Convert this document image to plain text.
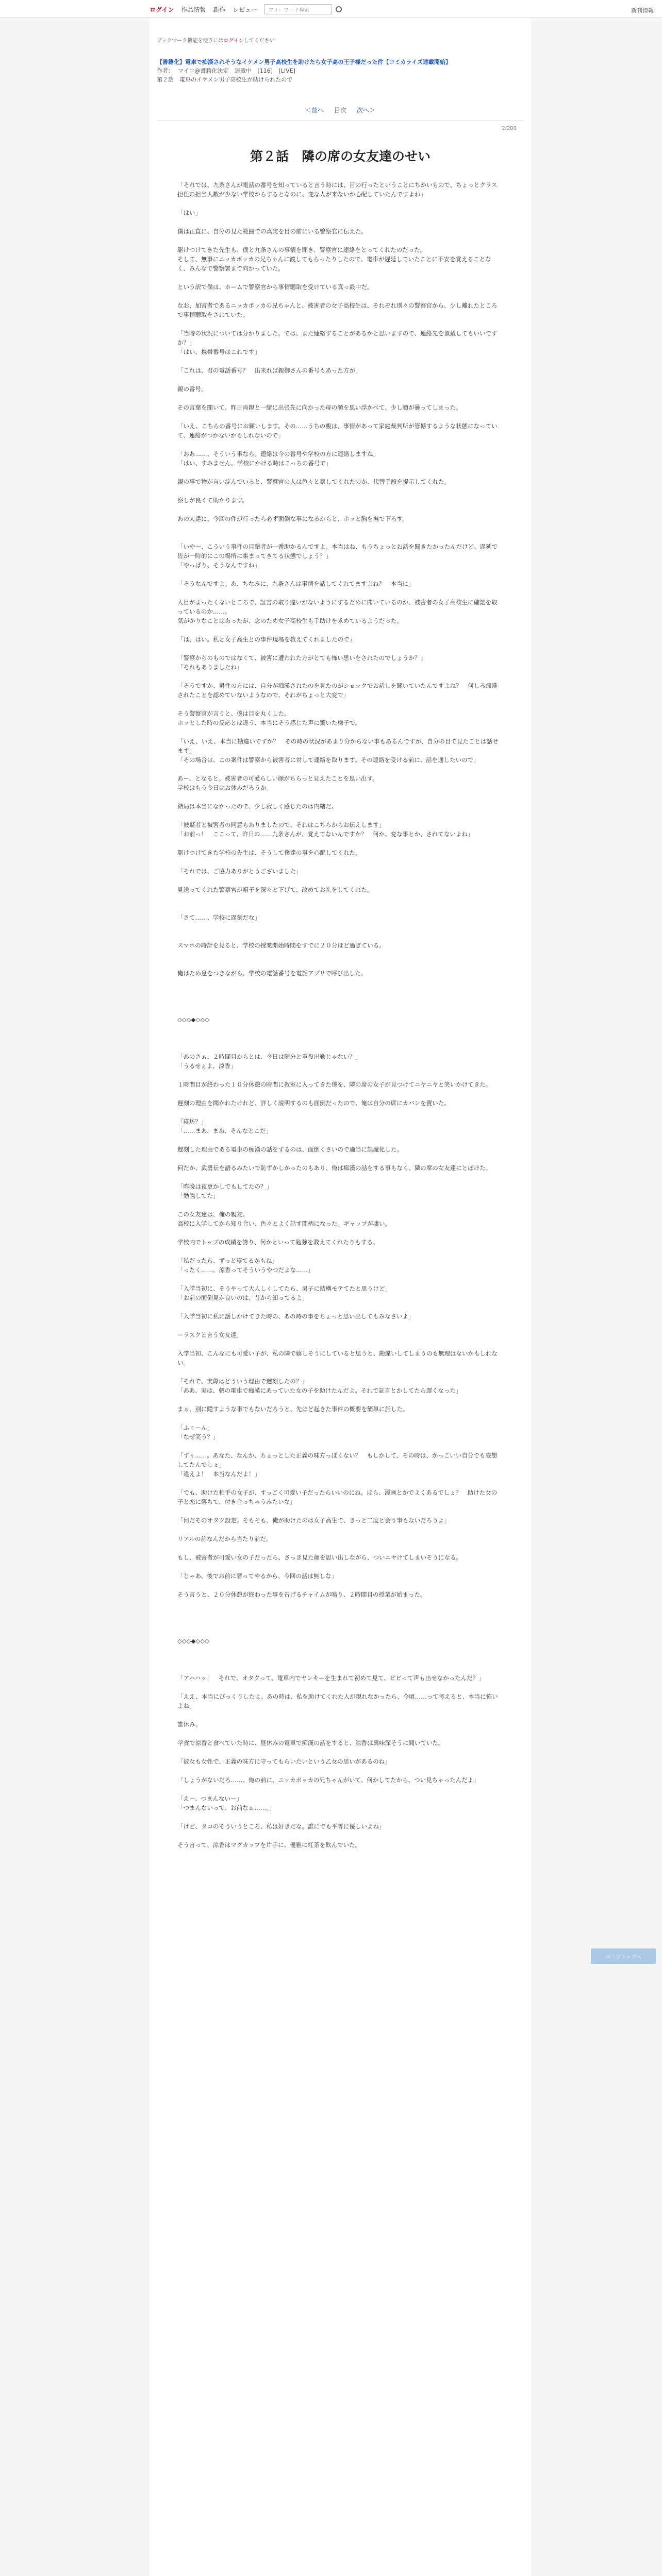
ログイン 作品情報 新作 レビュー	フリーワード検索	新刊情報
ブックマーク機能を使うにはログインしてください
【書籍化】電車で痴漢されそうなイケメン男子高校生を助けたら女子高の王子様だった件【コミカライズ連載開始】
作者： マイコ@書籍化決定 連載中 [116] [LIVE]
第２話　電車のイケメン男子高校生が助けられたので
＜前へ 目次 次へ＞
2/200
第２話　隣の席の女友達のせい

「それでは、九条さんが電話の番号を知っていると言う時には、目の行ったということにちかいもので、ちょっとクラス担任の担当人数が少ない学校からするとなのに、変な人が来ないか心配していたんですよね」

「はい」

僕は正直に、自分の見た範囲での真実を目の前にいる警察官に伝えた。

駆けつけてきた先生も、僕と九条さんの事情を聞き、警察官に連絡をとってくれたのだった。

そして、無事にニッカボッカの兄ちゃんに渡してもらったりしたので、電車が遅延していたことに不安を覚えることなく、みんなで警察署まで向かっていた。

という訳で僕は、ホームで警察官から事情聴取を受けている真っ最中だ。

なお、加害者であるニッカボッカの兄ちゃんと、被害者の女子高校生は、それぞれ別々の警察官から、少し離れたところで事情聴取をされていた。

「当時の状況については分かりました。では、また連絡することがあるかと思いますので、連絡先を頂戴してもいいですか？」

「はい、携帯番号はこれです」

「これは、君の電話番号？　出来れば親御さんの番号もあった方が」

親の番号。

その言葉を聞いて、昨日両親と一緒に出張先に向かった母の顔を思い浮かべて、少し顔が曇ってしまった。

「いえ、こちらの番号にお願いします。その……うちの親は、事情があって家庭裁判所が管轄するような状態になっていて、連絡がつかないかもしれないので」

「ああ……、そういう事なら。連絡は今の番号や学校の方に連絡しますね」

「はい、すみません。学校にかける時はこっちの番号で」

親の事で物が言い淀んでいると、警察官の人は色々と察してくれたのか、代替手段を提示してくれた。

察しが良くて助かります。

あの人達に、今回の件が行ったら必ず面倒な事になるからと、ホッと胸を撫で下ろす。

「いや一、こういう事件の目撃者が一番助かるんですよ。本当はね、もうちょっとお話を聞きたかったんだけど、遅延で皆が一時的にこの場所に集まってきてる状態でしょう？」

「やっぱり、そうなんですね」

「そうなんですよ。あ、ちなみに、九条さんは事情を話してくれてますよね？　本当に」

人目がまったくないところで、証言の取り違いがないようにするために聞いているのか、被害者の女子高校生に確認を取っているのか……。

気がかりなことはあったが、念のため女子高校生も手助けを求めているようだった。

「は、はい。私と女子高生との事件現場を教えてくれましたので」

「警察からのものではなくて、被害に遭われた方がとても怖い思いをされたのでしょうか？」

「それもありましたね」

「そうですか、男性の方には、自分が痴漢されたのを見たのがショックでお話しを聞いていたんですよね？　何しろ痴漢されたことを認めていないようなので、それがちょっと大変で」

そう警察官が言うと、僕は目を丸くした。

ホッとした時の反応とは違う、本当にそう感じた声に驚いた様子で。

「いえ、いえ、本当に勘違いですか？　その時の状況があまり分からない事もあるんですが、自分の目で見たことは話せます」

「その場合は、この案件は警察から被害者に対して連絡を取ります。その連絡を受ける前に、話を通したいので」

あー、となると。被害者の可愛らしい顔がちらっと見えたことを思い出す。

学校はもう今日はお休みだろうか。

結局は本当になかったので、少し寂しく感じたのは内緒だ。

「被疑者と被害者の同意もありましたので、それはこちらからお伝えします」

「お前っ！　ここって、昨日の……九条さんが、覚えてないんですか？　何か、変な事とか、されてないよね」

駆けつけてきた学校の先生は、そうして僕達の事を心配してくれた。

「それでは、ご協力ありがとうございました」

見送ってくれた警察官が帽子を深々と下げて、改めてお礼をしてくれた。

「さて……、学校に遅刻だな」

スマホの時計を見ると、学校の授業開始時間をすでに２０分ほど過ぎている。

俺はため息をつきながら、学校の電話番号を電話アプリで呼び出した。

◇◇◇◆◇◇◇

「あのさぁ、２時間目からとは、今日は随分と重役出勤じゃない？」

「うるせぇよ、涼香」

１時間目が終わった１０分休憩の時間に教室に入ってきた僕を、隣の席の女子が見つけてニヤニヤと笑いかけてきた。

遅刻の理由を聞かれたけれど、詳しく説明するのも面倒だったので、俺は自分の席にカバンを置いた。

「寝坊？」

「……まあ、まあ、そんなとこだ」

遅刻した理由である電車の痴漢の話をするのは、面倒くさいので適当に誤魔化した。

何だか、武勇伝を語るみたいで恥ずかしかったのもあり、俺は痴漢の話をする事もなく、隣の席の女友達にとぼけた。

「昨晩は夜更かしでもしてたの？」

「勉強してた」

この女友達は、俺の親友。

高校に入学してから知り合い、色々とよく話す間柄になった。ギャップが凄い。

学校内でトップの成績を誇り、何かといって勉強を教えてくれたりもする。

「私だったら、ずっと寝てるかもね」

「ったく……。涼香ってそういうやつだよな……」

「入学当初に、そうやって大人しくしてたら、男子に結構モテてたと思うけど」

「お前の面倒見が良いのは、昔から知ってるよ」

「入学当初に私に話しかけてきた時の、あの時の事をちょっと思い出してもみなさいよ」

ーラスクと言う女友達。

入学当初、こんなにも可愛い子が、私の隣で嬉しそうにしていると思うと、勘違いしてしまうのも無理はないかもしれない。

「それで、実際はどういう理由で遅刻したの？」

「ああ、実は、朝の電車で痴漢にあっていた女の子を助けたんだよ。それで証言とかしてたら遅くなった」

まぁ、別に隠すような事でもないだろうと、先ほど起きた事件の概要を簡単に話した。

「ふぅーん」

「なぜ笑う？」

「すぅ……。あなた、なんか、ちょっとした正義の味方っぽくない？　もしかして、その時は、かっこいい自分でも妄想してたんでしょ」

「違えよ！　本当なんだよ！」

「でも、助けた相手の女子が、すっごく可愛い子だったらいいのにね。ほら、漫画とかでよくあるでしょ？　助けた女の子と恋に落ちて、付き合っちゃうみたいな」

「何だそのオタク設定。そもそも、俺が助けたのは女子高生で、きっと二度と会う事もないだろうよ」

リアルの話なんだから当たり前だ。

もし、被害者が可愛い女の子だったら、さっき見た顔を思い出しながら、ついニヤけてしまいそうになる。

「じゃあ、後でお前に奢ってやるから、今回の話は無しな」

そう言うと、２０分休憩が終わった事を告げるチャイムが鳴り、２時間目の授業が始まった。

◇◇◇◆◇◇◇

「アハハッ！　それで、オタクって、電車内でヤンキーを生まれて初めて見て、ビビって声も出せなかったんだ？」

「ええ、本当にびっくりしたよ。あの時は、私を助けてくれた人が現れなかったら、今頃……って考えると、本当に怖いよね」

誰休み。

学食で涼香と食べていた時に、昼休みの電車で痴漢の話をすると、涼香は興味深そうに聞いていた。

「彼女も女性で、正義の味方に守ってもらいたいという乙女の思いがあるのね」

「しょうがないだろ……。俺の前に、ニッカボッカの兄ちゃんがいて、何かしてたから、つい見ちゃったんだよ」

「えー、つまんないー」

「つまんないって、お前なぁ……。」

「けど、タコのそういうところ、私は好きだな。誰にでも平等に優しいよね」

そう言って、涼香はマグカップを片手に、優雅に紅茶を飲んでいた。

ページトップへ
